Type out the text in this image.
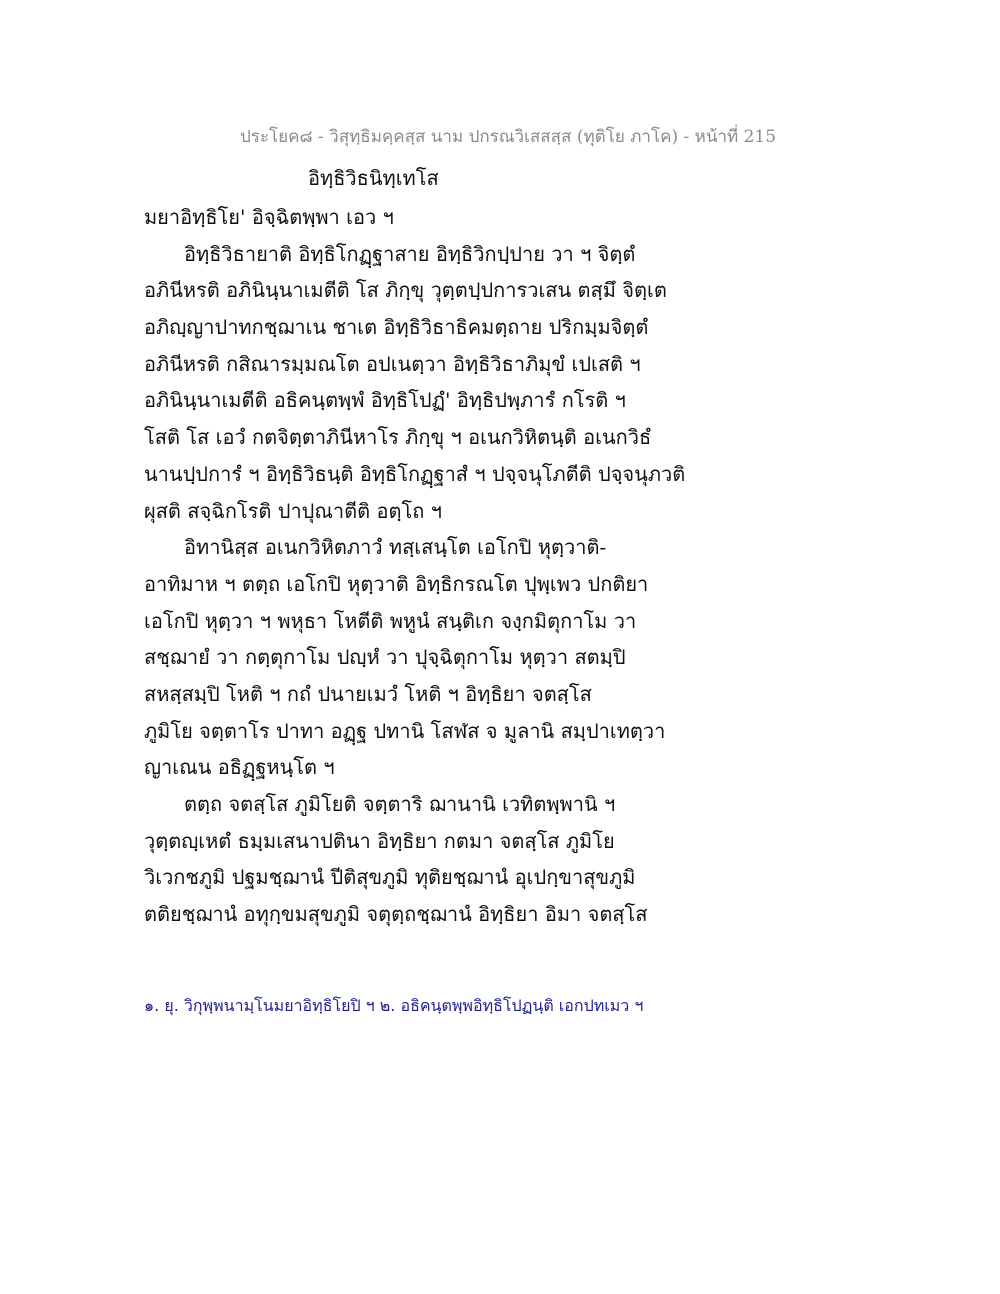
ประโยค๘ - วิสุทฺธิมคฺคสฺส นาม ปกรณวิเสสสฺส (ทุติโย ภาโค) - หน้าที่ 215
อิทฺธิวิธนิทฺเทโส
มยาอิทฺธิโย' อิจฺฉิตพฺพา เอว ฯ
อิทฺธิวิธายาติ อิทฺธิโกฏฺฐาสาย อิทฺธิวิกปฺปาย วา ฯ จิตฺตํ
อภินีหรติ อภินินฺนาเมตีติ โส ภิกฺขุ วุตฺตปฺปการวเสน ตสฺมึ จิตฺเต
อภิญฺญาปาทกชฺฌาเน ชาเต อิทฺธิวิธาธิคมตฺถาย ปริกมฺมจิตฺตํ
อภินีหรติ กสิณารมฺมณโต อปเนตฺวา อิทฺธิวิธาภิมุขํ เปเสติ ฯ
อภินินฺนาเมตีติ อธิคนฺตพฺพํ อิทฺธิโปฏํ' อิทฺธิปพฺภารํ กโรติ ฯ
โสติ โส เอวํ กตจิตฺตาภินีหาโร ภิกฺขุ ฯ อเนกวิหิตนฺติ อเนกวิธํ
นานปฺปการํ ฯ อิทฺธิวิธนฺติ อิทฺธิโกฏฺฐาสํ ฯ ปจฺจนุโภตีติ ปจฺจนุภวติ
ผุสติ สจฺฉิกโรติ ปาปุณาตีติ อตฺโถ ฯ
อิทานิสฺส อเนกวิหิตภาวํ ทสฺเสนฺโต เอโกปิ หุตฺวาติ-
อาทิมาห ฯ ตตฺถ เอโกปิ หุตฺวาติ อิทฺธิกรณโต ปุพฺเพว ปกติยา
เอโกปิ หุตฺวา ฯ พหุธา โหตีติ พหูนํ สนฺติเก จงฺกมิตุกาโม วา
สชฺฌายํ วา กตฺตุกาโม ปญฺหํ วา ปุจฺฉิตุกาโม หุตฺวา สตมฺปิ
สหสฺสมฺปิ โหติ ฯ กถํ ปนายเมวํ โหติ ฯ อิทฺธิยา จตสฺโส
ภูมิโย จตฺตาโร ปาทา อฏฺฐ ปทานิ โสฬส จ มูลานิ สมฺปาเทตฺวา
ญาเณน อธิฏฺฐหนฺโต ฯ
ตตฺถ จตสฺโส ภูมิโยติ จตฺตาริ ฌานานิ เวทิตพฺพานิ ฯ
วุตฺตญฺเหตํ ธมฺมเสนาปตินา อิทฺธิยา กตมา จตสฺโส ภูมิโย
วิเวกชภูมิ ปฐมชฺฌานํ ปีติสุขภูมิ ทุติยชฺฌานํ อุเปกฺขาสุขภูมิ
ตติยชฺฌานํ อทุกฺขมสุขภูมิ จตุตฺถชฺฌานํ อิทฺธิยา อิมา จตสฺโส
๑. ยุ. วิกุพฺพนามฺโนมยาอิทฺธิโยปิ ฯ ๒. อธิคนฺตพฺพอิทฺธิโปฏนฺติ เอกปทเมว ฯ
